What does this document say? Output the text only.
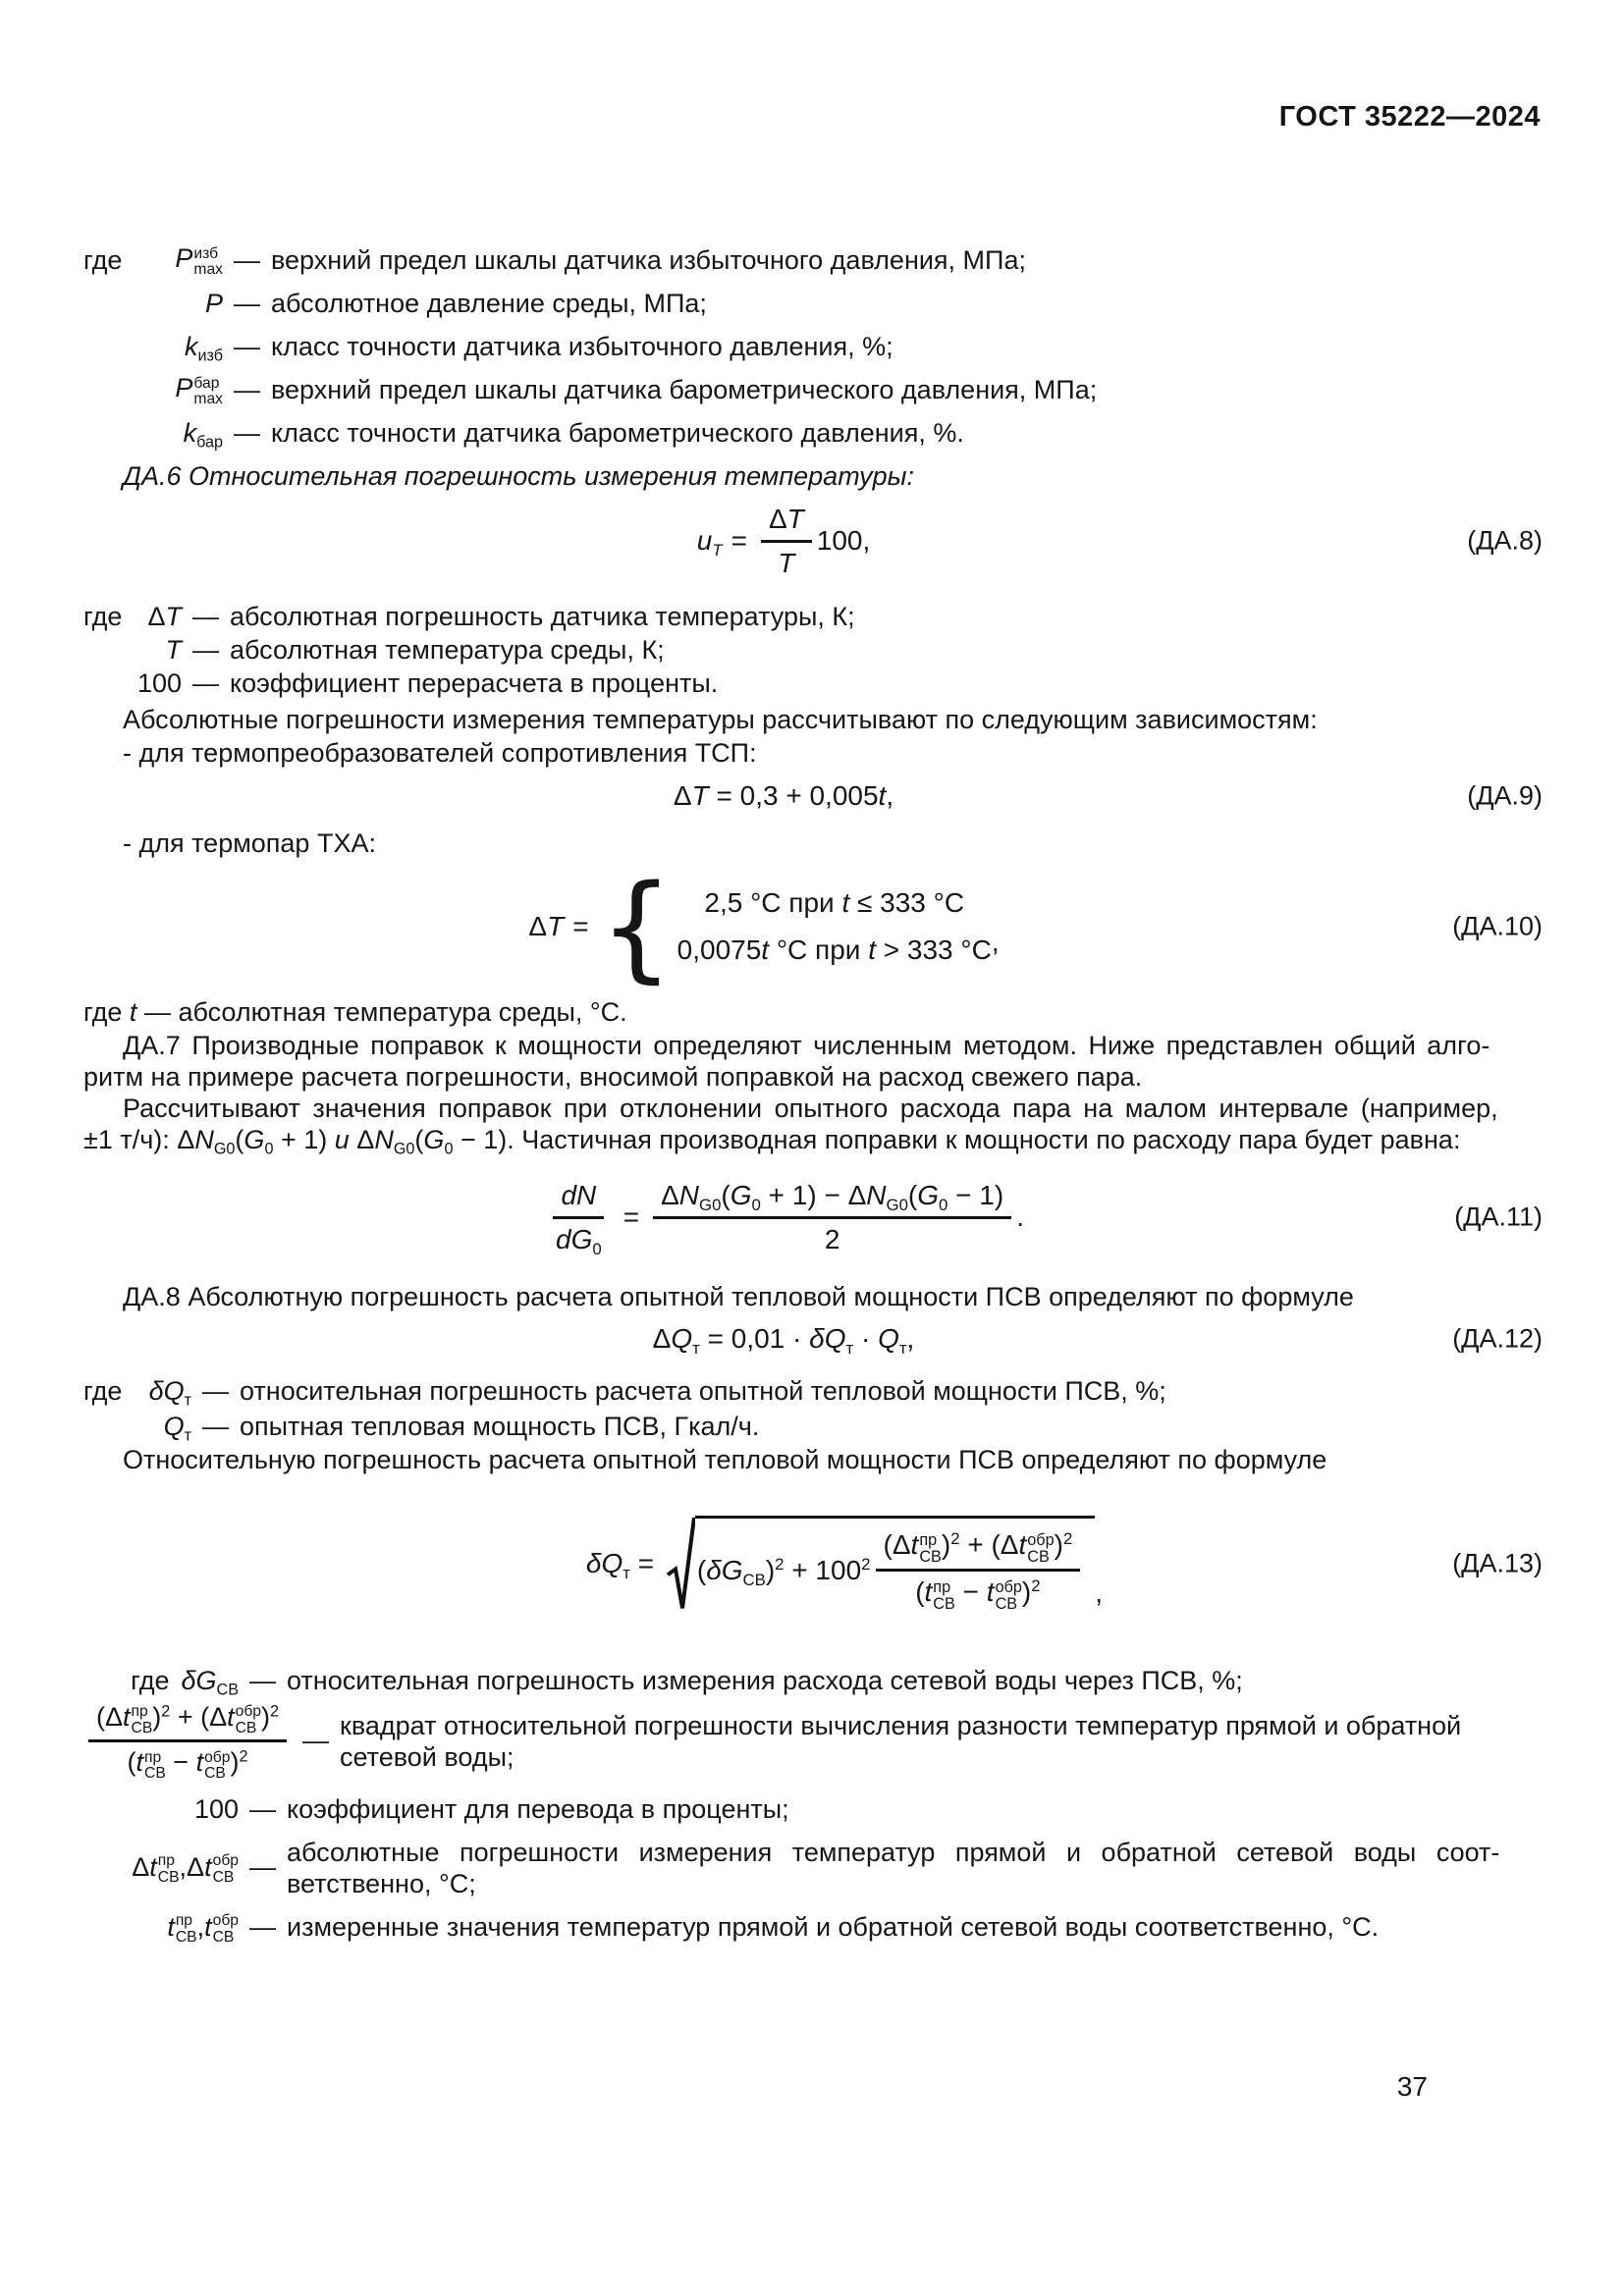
ГОСТ 35222—2024
где	P изб
max — верхний предел шкалы датчика избыточного давления, МПа;
P — абсолютное давление среды, МПа;
$k_{изб}$ — класс точности датчика избыточного давления, %;
P бар
max — верхний предел шкалы датчика барометрического давления, МПа;
$k_{бар}$ — класс точности датчика барометрического давления, %.
ДА.6 Относительная погрешность измерения температуры:
$u_T = \frac{\Delta T}{T} 100$,	(ДА.8)
где ΔT — абсолютная погрешность датчика температуры, К;
T — абсолютная температура среды, К;
100 — коэффициент перерасчета в проценты.
Абсолютные погрешности измерения температуры рассчитывают по следующим зависимостям:
- для термопреобразователей сопротивления ТСП:
ΔT = 0,3 + 0,005t,	(ДА.9)
- для термопар ТХА:
ΔT = { 2,5 °С при t ≤ 333 °С
0,0075t °С при t > 333 °С ,
(ДА.10)
где t — абсолютная температура среды, °С.
ДА.7 Производные поправок к мощности определяют численным методом. Ниже представлен общий алго-
ритм на примере расчета погрешности, вносимой поправкой на расход свежего пара.
Рассчитывают значения поправок при отклонении опытного расхода пара на малом интервале (например,
±1 т/ч): $\Delta N_{G0}(G_0 + 1)$ и $\Delta N_{G0}(G_0 - 1)$. Частичная производная поправки к мощности по расходу пара будет равна:
$\frac{dN}{dG_0} = \frac{\Delta N_{G0}(G_0 + 1) - \Delta N_{G0}(G_0 - 1)}{2}$ .	(ДА.11)
ДА.8 Абсолютную погрешность расчета опытной тепловой мощности ПСВ определяют по формуле
$\Delta Q_т = 0,01 \cdot \delta Q_т \cdot Q_т$,	(ДА.12)
где	$\delta Q_т$ — относительная погрешность расчета опытной тепловой мощности ПСВ, %;
$Q_т$ — опытная тепловая мощность ПСВ, Гкал/ч.
Относительную погрешность расчета опытной тепловой мощности ПСВ определяют по формуле
$\delta Q_т = (\delta G_{СВ})^2 + 100^2$ (Δt пр
СВ )$^2$ + (Δt обр
СВ )$^2$
(t пр
СВ − t обр
СВ )$^2$ ,
(ДА.13)
где $\delta G_{СВ}$ — относительная погрешность измерения расхода сетевой воды через ПСВ, %;
(Δt пр
СВ )$^2$ + (Δt обр
СВ )$^2$
(t пр
СВ − t обр
СВ )$^2$ —
квадрат относительной погрешности вычисления разности температур прямой и обратной
сетевой воды;
100 — коэффициент для перевода в проценты;
Δ t пр
СВ , Δ t обр
СВ —
абсолютные погрешности измерения температур прямой и обратной сетевой воды соот-
ветственно, °С;
t пр
СВ , t обр
СВ — измеренные значения температур прямой и обратной сетевой воды соответственно, °С.
37
